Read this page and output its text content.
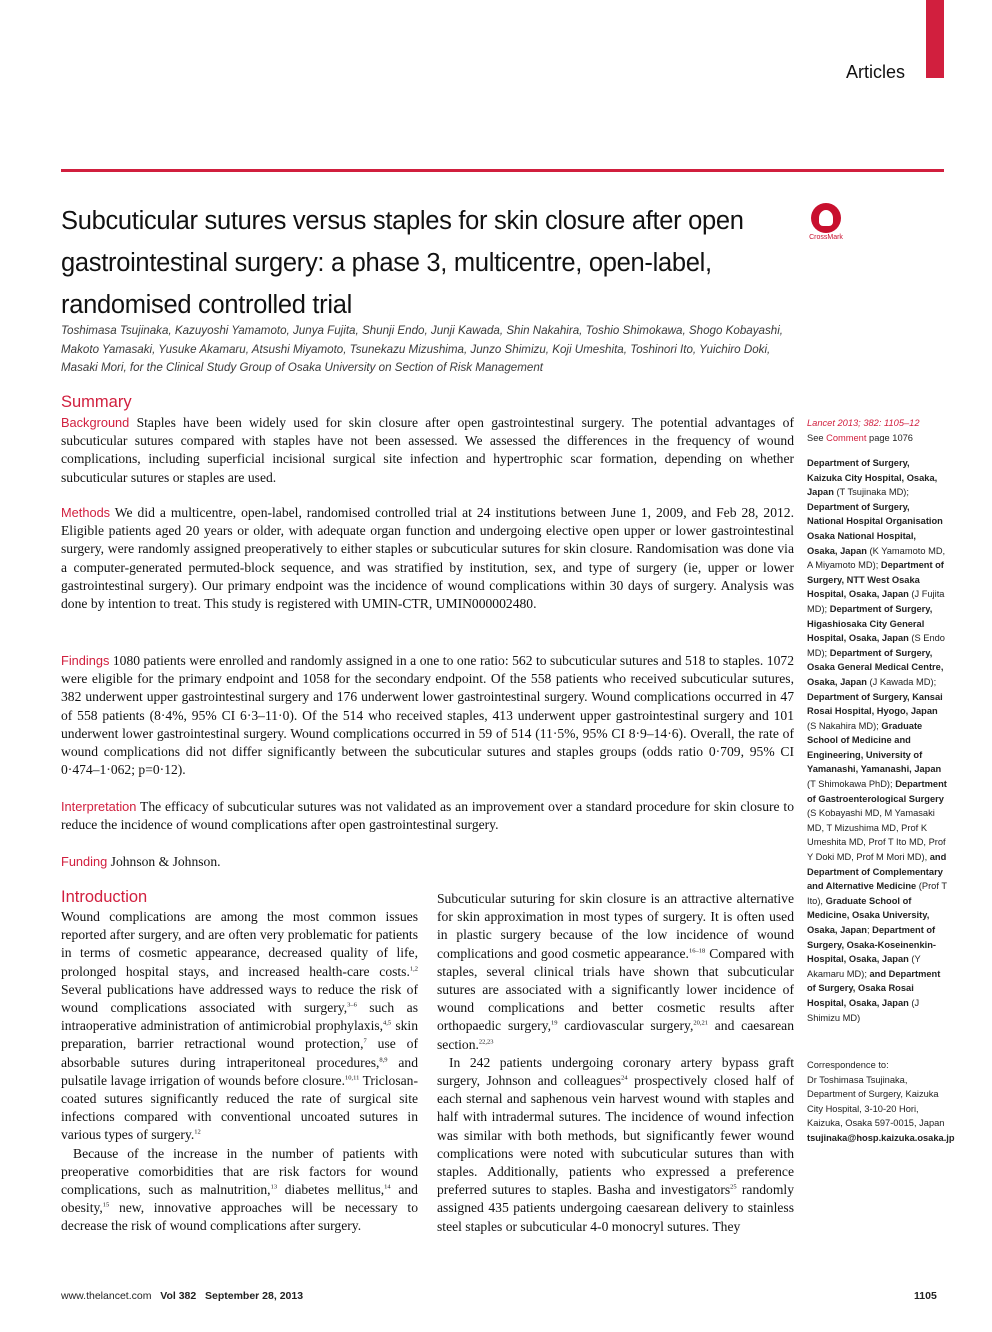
Articles
Subcuticular sutures versus staples for skin closure after open gastrointestinal surgery: a phase 3, multicentre, open-label, randomised controlled trial
CrossMark
Toshimasa Tsujinaka, Kazuyoshi Yamamoto, Junya Fujita, Shunji Endo, Junji Kawada, Shin Nakahira, Toshio Shimokawa, Shogo Kobayashi, Makoto Yamasaki, Yusuke Akamaru, Atsushi Miyamoto, Tsunekazu Mizushima, Junzo Shimizu, Koji Umeshita, Toshinori Ito, Yuichiro Doki, Masaki Mori, for the Clinical Study Group of Osaka University on Section of Risk Management
Summary
Background Staples have been widely used for skin closure after open gastrointestinal surgery. The potential advantages of subcuticular sutures compared with staples have not been assessed. We assessed the differences in the frequency of wound complications, including superficial incisional surgical site infection and hypertrophic scar formation, depending on whether subcuticular sutures or staples are used.
Methods We did a multicentre, open-label, randomised controlled trial at 24 institutions between June 1, 2009, and Feb 28, 2012. Eligible patients aged 20 years or older, with adequate organ function and undergoing elective open upper or lower gastrointestinal surgery, were randomly assigned preoperatively to either staples or subcuticular sutures for skin closure. Randomisation was done via a computer-generated permuted-block sequence, and was stratified by institution, sex, and type of surgery (ie, upper or lower gastrointestinal surgery). Our primary endpoint was the incidence of wound complications within 30 days of surgery. Analysis was done by intention to treat. This study is registered with UMIN-CTR, UMIN000002480.
Findings 1080 patients were enrolled and randomly assigned in a one to one ratio: 562 to subcuticular sutures and 518 to staples. 1072 were eligible for the primary endpoint and 1058 for the secondary endpoint. Of the 558 patients who received subcuticular sutures, 382 underwent upper gastrointestinal surgery and 176 underwent lower gastrointestinal surgery. Wound complications occurred in 47 of 558 patients (8·4%, 95% CI 6·3–11·0). Of the 514 who received staples, 413 underwent upper gastrointestinal surgery and 101 underwent lower gastrointestinal surgery. Wound complications occurred in 59 of 514 (11·5%, 95% CI 8·9–14·6). Overall, the rate of wound complications did not differ significantly between the subcuticular sutures and staples groups (odds ratio 0·709, 95% CI 0·474–1·062; p=0·12).
Interpretation The efficacy of subcuticular sutures was not validated as an improvement over a standard procedure for skin closure to reduce the incidence of wound complications after open gastrointestinal surgery.
Funding Johnson & Johnson.
Introduction

Wound complications are among the most common issues reported after surgery, and are often very problematic for patients in terms of cosmetic appearance, decreased quality of life, prolonged hospital stays, and increased health-care costs.$^{1,2}$ Several publications have addressed ways to reduce the risk of wound complications associated with surgery,$^{3-6}$ such as intraoperative administration of antimicrobial prophylaxis,$^{4,5}$ skin preparation, barrier retractional wound protection,$^7$ use of absorbable sutures during intraperitoneal procedures,$^{8,9}$ and pulsatile lavage irrigation of wounds before closure.$^{10,11}$ Triclosan-coated sutures significantly reduced the rate of surgical site infections compared with conventional uncoated sutures in various types of surgery.$^{12}$

Because of the increase in the number of patients with preoperative comorbidities that are risk factors for wound complications, such as malnutrition,$^{13}$ diabetes mellitus,$^{14}$ and obesity,$^{15}$ new, innovative approaches will be necessary to decrease the risk of wound complications after surgery.

Subcuticular suturing for skin closure is an attractive alternative for skin approximation in most types of surgery. It is often used in plastic surgery because of the low incidence of wound complications and good cosmetic appearance.$^{16-18}$ Compared with staples, several clinical trials have shown that subcuticular sutures are associated with a significantly lower incidence of wound complications and better cosmetic results after orthopaedic surgery,$^{19}$ cardiovascular surgery,$^{20,21}$ and caesarean section.$^{22,23}$

In 242 patients undergoing coronary artery bypass graft surgery, Johnson and colleagues$^{24}$ prospectively closed half of each sternal and saphenous vein harvest wound with staples and half with intradermal sutures. The incidence of wound infection was similar with both methods, but significantly fewer wound complications were noted with subcuticular sutures than with staples. Additionally, patients who expressed a preference preferred sutures to staples. Basha and investigators$^{25}$ randomly assigned 435 patients undergoing caesarean delivery to stainless steel staples or subcuticular 4-0 monocryl sutures. They

Lancet 2013; 382: 1105–12
See Comment page 1076
Department of Surgery, Kaizuka City Hospital, Osaka, Japan (T Tsujinaka MD); Department of Surgery, National Hospital Organisation Osaka National Hospital, Osaka, Japan (K Yamamoto MD, A Miyamoto MD); Department of Surgery, NTT West Osaka Hospital, Osaka, Japan (J Fujita MD); Department of Surgery, Higashiosaka City General Hospital, Osaka, Japan (S Endo MD); Department of Surgery, Osaka General Medical Centre, Osaka, Japan (J Kawada MD); Department of Surgery, Kansai Rosai Hospital, Hyogo, Japan (S Nakahira MD); Graduate School of Medicine and Engineering, University of Yamanashi, Yamanashi, Japan (T Shimokawa PhD); Department of Gastroenterological Surgery (S Kobayashi MD, M Yamasaki MD, T Mizushima MD, Prof K Umeshita MD, Prof T Ito MD, Prof Y Doki MD, Prof M Mori MD), and Department of Complementary and Alternative Medicine (Prof T Ito), Graduate School of Medicine, Osaka University, Osaka, Japan; Department of Surgery, Osaka-Koseinenkin-Hospital, Osaka, Japan (Y Akamaru MD); and Department of Surgery, Osaka Rosai Hospital, Osaka, Japan (J Shimizu MD)
Correspondence to:
Dr Toshimasa Tsujinaka, Department of Surgery, Kaizuka City Hospital, 3-10-20 Hori, Kaizuka, Osaka 597-0015, Japan
tsujinaka@hosp.kaizuka.osaka.jp
www.thelancet.com Vol 382 September 28, 2013	1105
